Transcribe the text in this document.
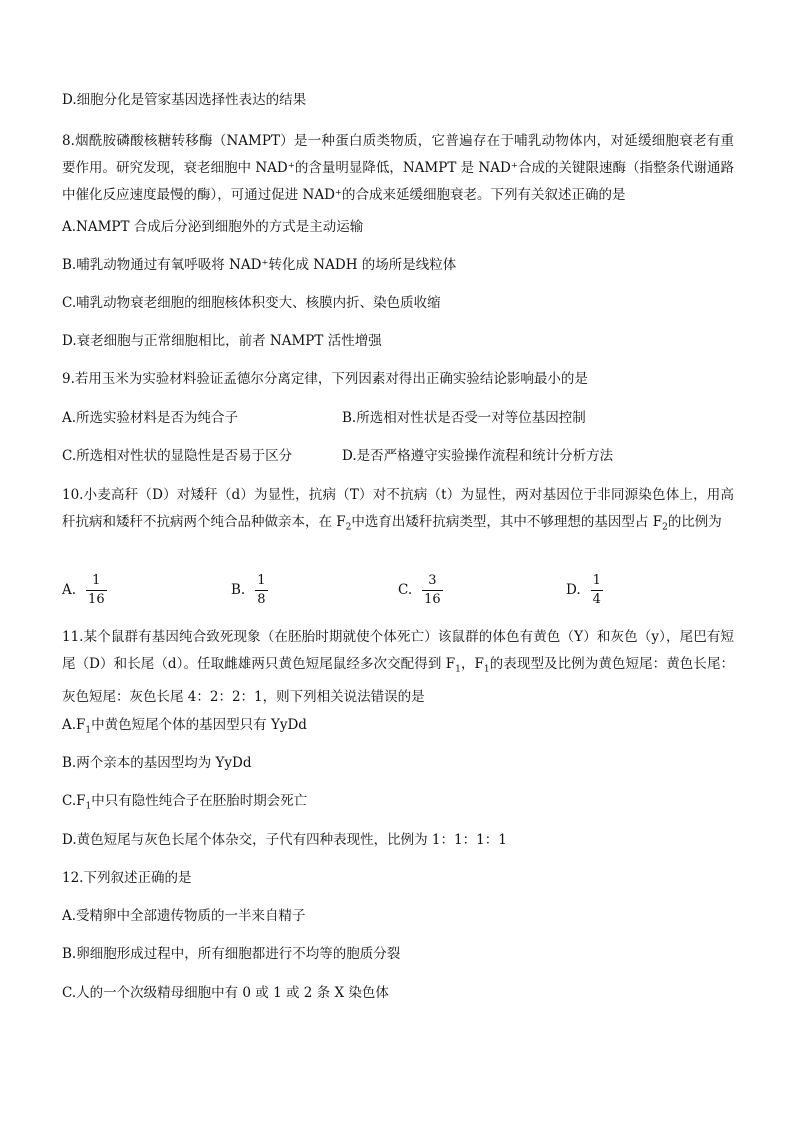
D.细胞分化是管家基因选择性表达的结果
8.烟酰胺磷酸核糖转移酶（NAMPT）是一种蛋白质类物质，它普遍存在于哺乳动物体内，对延缓细胞衰老有重要作用。研究发现，衰老细胞中 NAD⁺的含量明显降低，NAMPT 是 NAD⁺合成的关键限速酶（指整条代谢通路中催化反应速度最慢的酶），可通过促进 NAD⁺的合成来延缓细胞衰老。下列有关叙述正确的是
A.NAMPT 合成后分泌到细胞外的方式是主动运输
B.哺乳动物通过有氧呼吸将 NAD⁺转化成 NADH 的场所是线粒体
C.哺乳动物衰老细胞的细胞核体积变大、核膜内折、染色质收缩
D.衰老细胞与正常细胞相比，前者 NAMPT 活性增强
9.若用玉米为实验材料验证孟德尔分离定律，下列因素对得出正确实验结论影响最小的是
A.所选实验材料是否为纯合子	B.所选相对性状是否受一对等位基因控制
C.所选相对性状的显隐性是否易于区分	D.是否严格遵守实验操作流程和统计分析方法
10.小麦高秆（D）对矮秆（d）为显性，抗病（T）对不抗病（t）为显性，两对基因位于非同源染色体上，用高秆抗病和矮秆不抗病两个纯合品种做亲本，在 $F_2$中选育出矮秆抗病类型，其中不够理想的基因型占 $F_2$的比例为
A. $\frac{1}{16}$	B. $\frac{1}{8}$	C. $\frac{3}{16}$	D. $\frac{1}{4}$
11.某个鼠群有基因纯合致死现象（在胚胎时期就使个体死亡）该鼠群的体色有黄色（Y）和灰色（y），尾巴有短尾（D）和长尾（d）。任取雌雄两只黄色短尾鼠经多次交配得到 $F_1$，$F_1$的表现型及比例为黄色短尾：黄色长尾：灰色短尾：灰色长尾 4：2：2：1，则下列相关说法错误的是
$A.F_1$中黄色短尾个体的基因型只有 YyDd
B.两个亲本的基因型均为 YyDd
$C.F_1$中只有隐性纯合子在胚胎时期会死亡
D.黄色短尾与灰色长尾个体杂交，子代有四种表现性，比例为 1：1：1：1
12.下列叙述正确的是
A.受精卵中全部遗传物质的一半来自精子
B.卵细胞形成过程中，所有细胞都进行不均等的胞质分裂
C.人的一个次级精母细胞中有 0 或 1 或 2 条 X 染色体
